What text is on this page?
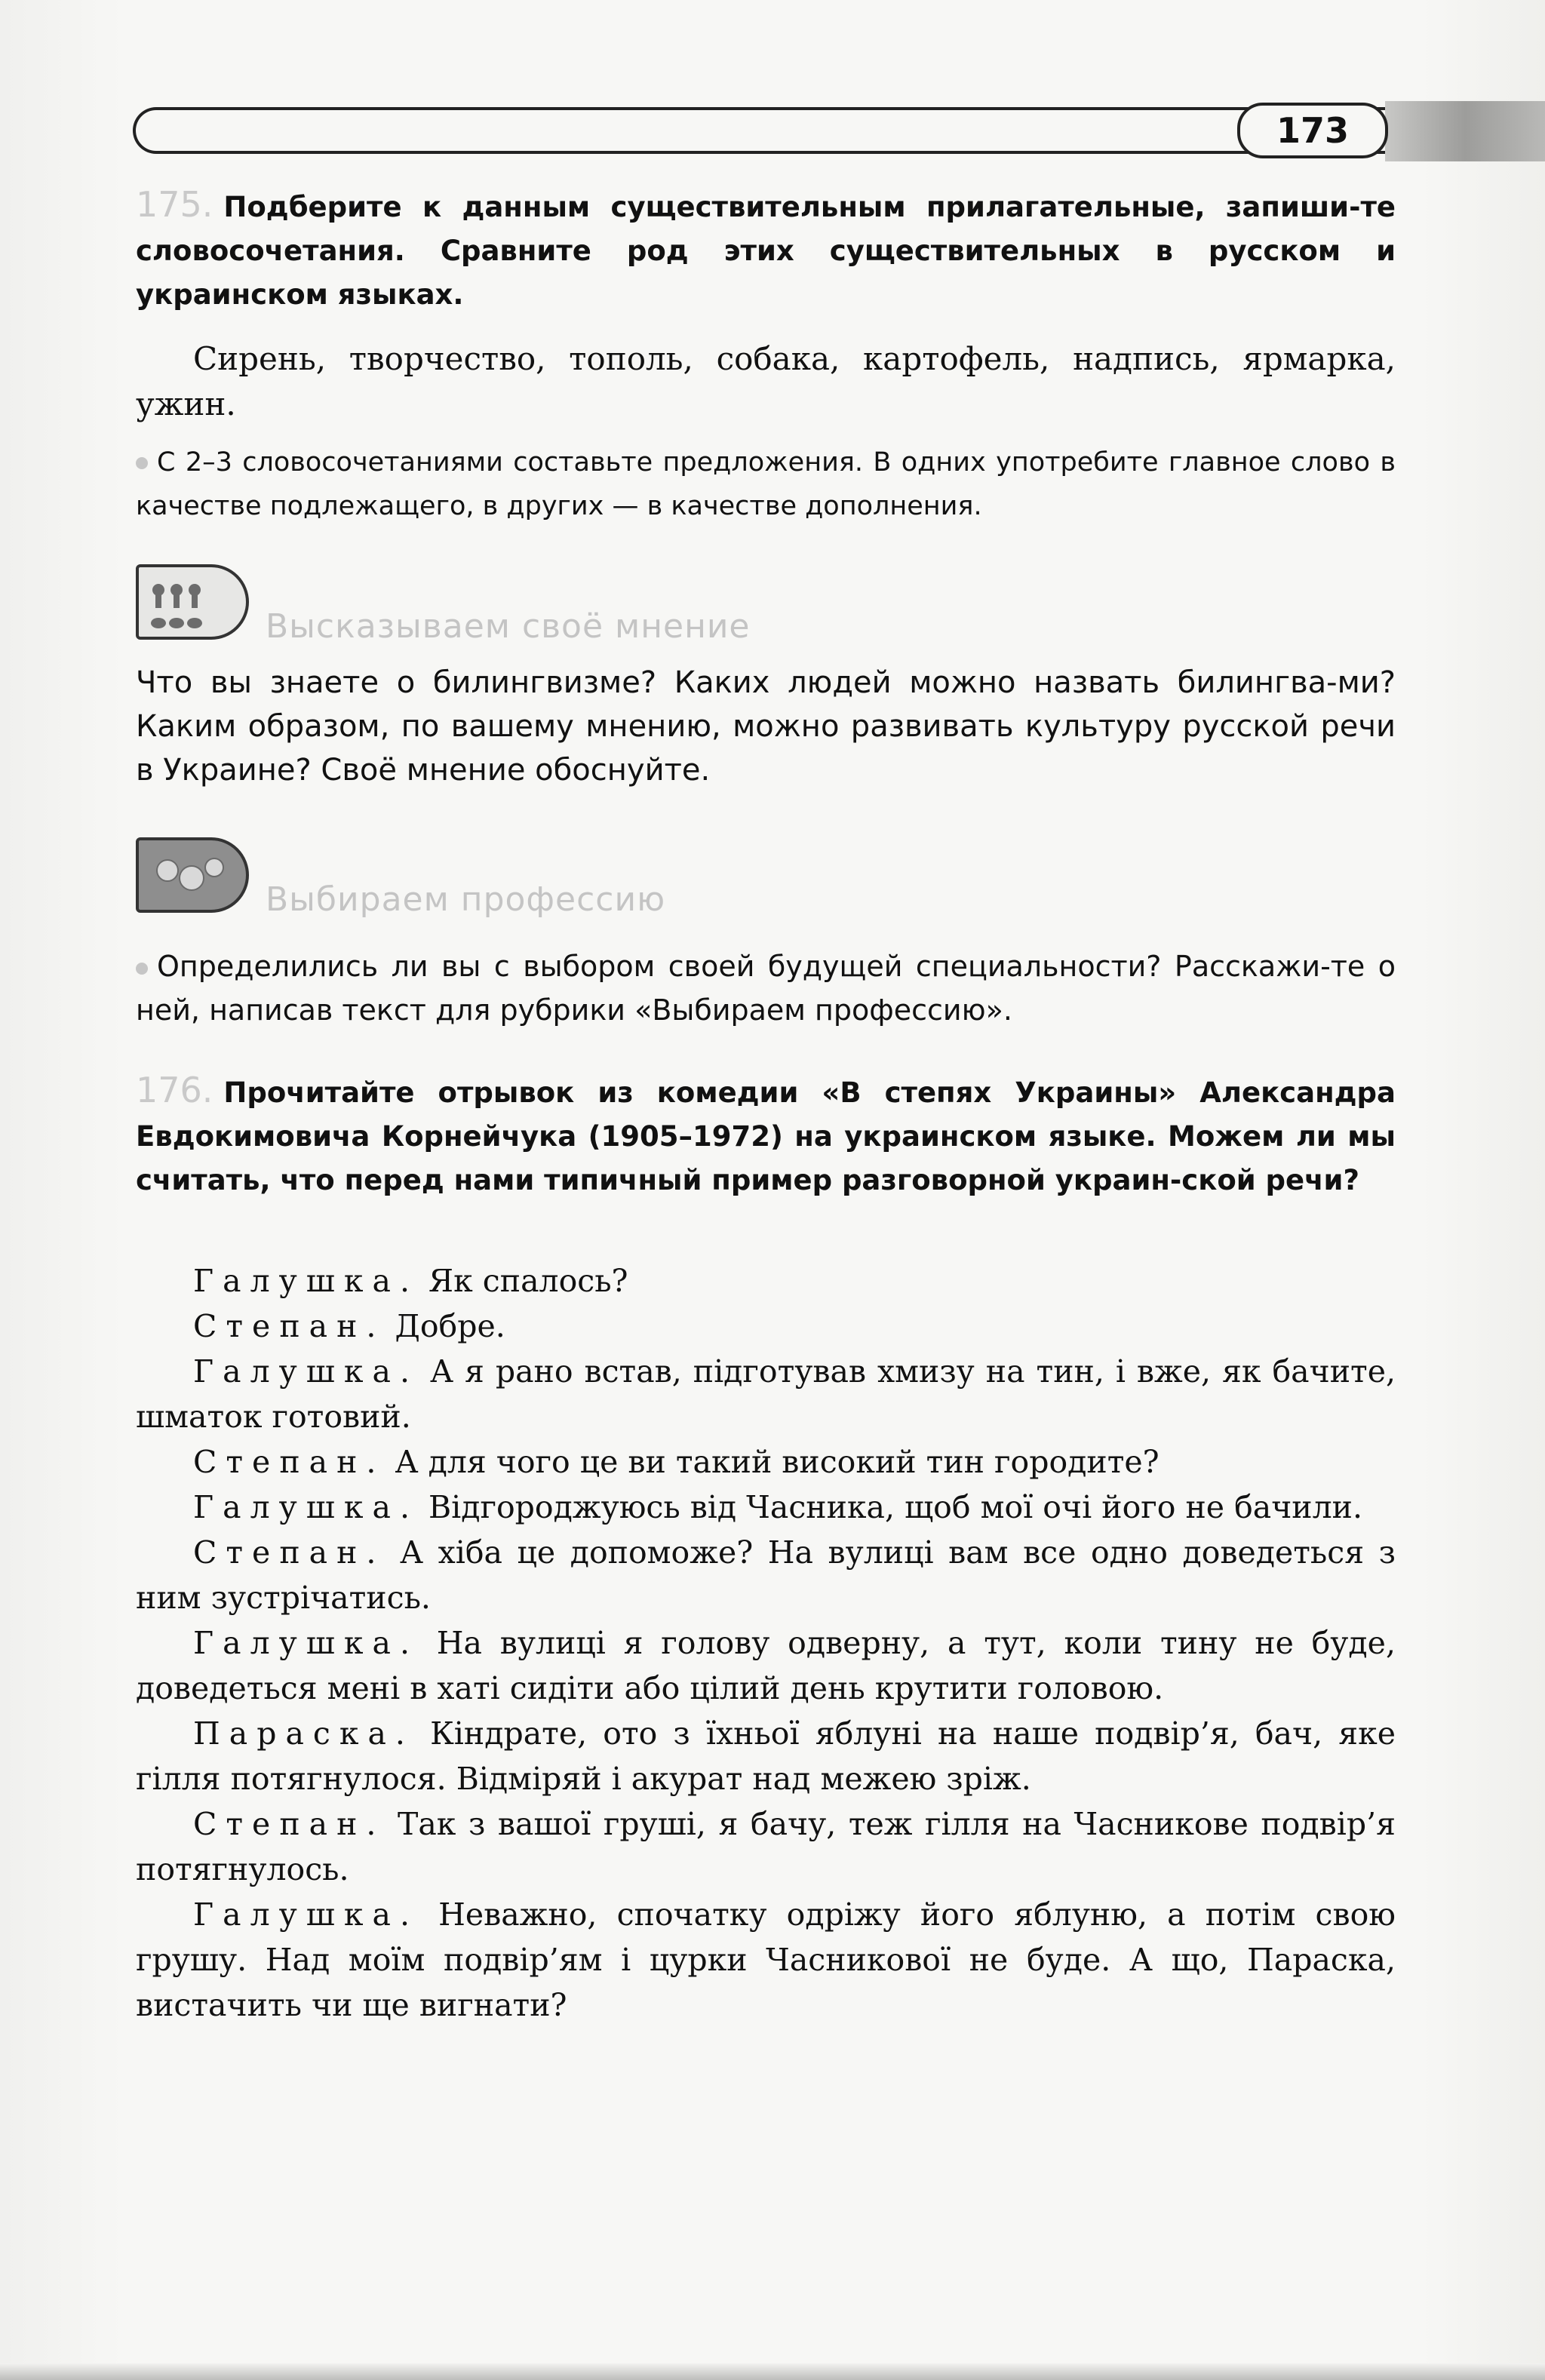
173

175. Подберите к данным существительным прилагательные, запиши-те словосочетания. Сравните род этих существительных в русском и украинском языках.

Сирень, творчество, тополь, собака, картофель, надпись, ярмарка, ужин.

С 2–3 словосочетаниями составьте предложения. В одних употребите главное слово в качестве подлежащего, в других — в качестве дополнения.

Высказываем своё мнение

Что вы знаете о билингвизме? Каких людей можно назвать билингва-ми? Каким образом, по вашему мнению, можно развивать культуру русской речи в Украине? Своё мнение обоснуйте.

Выбираем профессию

Определились ли вы с выбором своей будущей специальности? Расскажи-те о ней, написав текст для рубрики «Выбираем профессию».

176. Прочитайте отрывок из комедии «В степях Украины» Александра Евдокимовича Корнейчука (1905–1972) на украинском языке. Можем ли мы считать, что перед нами типичный пример разговорной украин-ской речи?

Галушка. Як спалось?

Степан. Добре.

Галушка. А я рано встав, підготував хмизу на тин, і вже, як бачите, шматок готовий.

Степан. А для чого це ви такий високий тин городите?

Галушка. Відгороджуюсь від Часника, щоб мої очі його не бачили.

Степан. А хіба це допоможе? На вулиці вам все одно доведеться з ним зустрічатись.

Галушка. На вулиці я голову одверну, а тут, коли тину не буде, доведеться мені в хаті сидіти або цілий день крутити головою.

Параска. Кіндрате, ото з їхньої яблуні на наше подвір’я, бач, яке гілля потягнулося. Відміряй і акурат над межею зріж.

Степан. Так з вашої груші, я бачу, теж гілля на Часникове подвір’я потягнулось.

Галушка. Неважно, спочатку одріжу його яблуню, а потім свою грушу. Над моїм подвір’ям і цурки Часникової не буде. А що, Параска, вистачить чи ще вигнати?
